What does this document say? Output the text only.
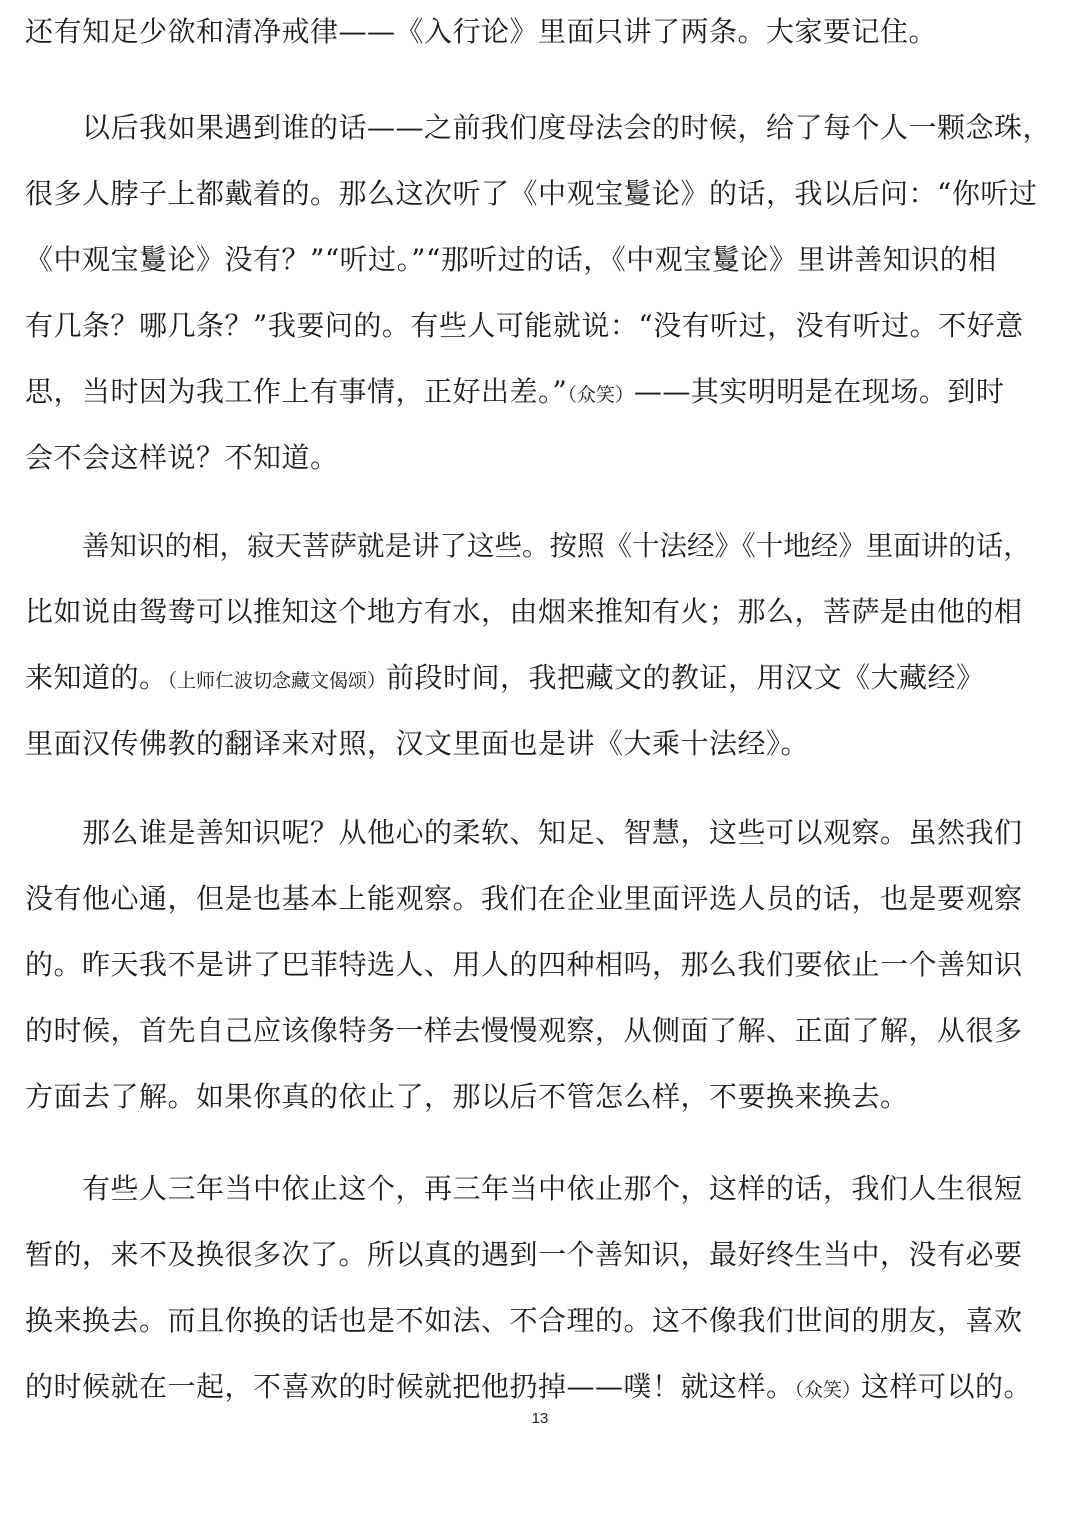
还有知足少欲和清净戒律——《入行论》里面只讲了两条。大家要记住。
以后我如果遇到谁的话——之前我们度母法会的时候，给了每个人一颗念珠，
很多人脖子上都戴着的。那么这次听了《中观宝鬘论》的话，我以后问：“你听过
《中观宝鬘论》没有？”“听过。”“那听过的话，《中观宝鬘论》里讲善知识的相
有几条？哪几条？”我要问的。有些人可能就说：“没有听过，没有听过。不好意
思，当时因为我工作上有事情，正好出差。”（众笑）——其实明明是在现场。到时
会不会这样说？不知道。
善知识的相，寂天菩萨就是讲了这些。按照《十法经》《十地经》里面讲的话，
比如说由鸳鸯可以推知这个地方有水，由烟来推知有火；那么，菩萨是由他的相
来知道的。（上师仁波切念藏文偈颂）前段时间，我把藏文的教证，用汉文《大藏经》
里面汉传佛教的翻译来对照，汉文里面也是讲《大乘十法经》。
那么谁是善知识呢？从他心的柔软、知足、智慧，这些可以观察。虽然我们
没有他心通，但是也基本上能观察。我们在企业里面评选人员的话，也是要观察
的。昨天我不是讲了巴菲特选人、用人的四种相吗，那么我们要依止一个善知识
的时候，首先自己应该像特务一样去慢慢观察，从侧面了解、正面了解，从很多
方面去了解。如果你真的依止了，那以后不管怎么样，不要换来换去。
有些人三年当中依止这个，再三年当中依止那个，这样的话，我们人生很短
暂的，来不及换很多次了。所以真的遇到一个善知识，最好终生当中，没有必要
换来换去。而且你换的话也是不如法、不合理的。这不像我们世间的朋友，喜欢
的时候就在一起，不喜欢的时候就把他扔掉——噗！就这样。（众笑）这样可以的。
13
